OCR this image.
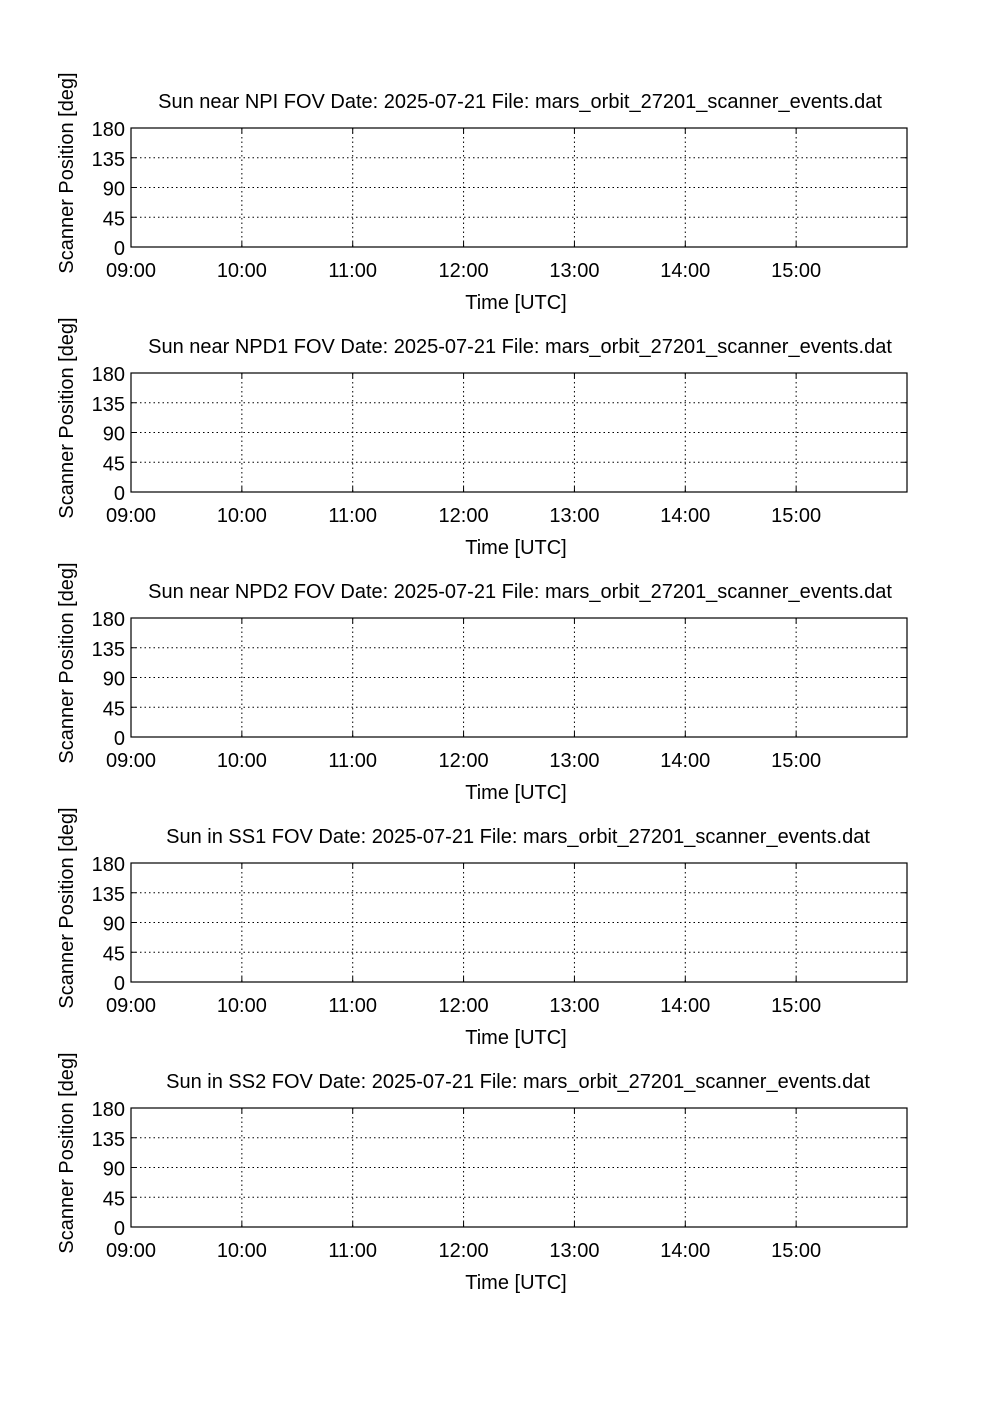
Sun near NPI FOV Date: 2025-07-21 File: mars_orbit_27201_scanner_events.dat
09:00	10:00	11:00	12:00	13:00	14:00	15:00
0
45
90
135
180
Time [UTC]
Scanner Position [deg]
Sun near NPD1 FOV Date: 2025-07-21 File: mars_orbit_27201_scanner_events.dat
09:00	10:00	11:00	12:00	13:00	14:00	15:00
0
45
90
135
180
Time [UTC]
Scanner Position [deg]
Sun near NPD2 FOV Date: 2025-07-21 File: mars_orbit_27201_scanner_events.dat
09:00	10:00	11:00	12:00	13:00	14:00	15:00
0
45
90
135
180
Time [UTC]
Scanner Position [deg]
Sun in SS1 FOV Date: 2025-07-21 File: mars_orbit_27201_scanner_events.dat
09:00	10:00	11:00	12:00	13:00	14:00	15:00
0
45
90
135
180
Time [UTC]
Scanner Position [deg]
Sun in SS2 FOV Date: 2025-07-21 File: mars_orbit_27201_scanner_events.dat
09:00	10:00	11:00	12:00	13:00	14:00	15:00
0
45
90
135
180
Time [UTC]
Scanner Position [deg]
